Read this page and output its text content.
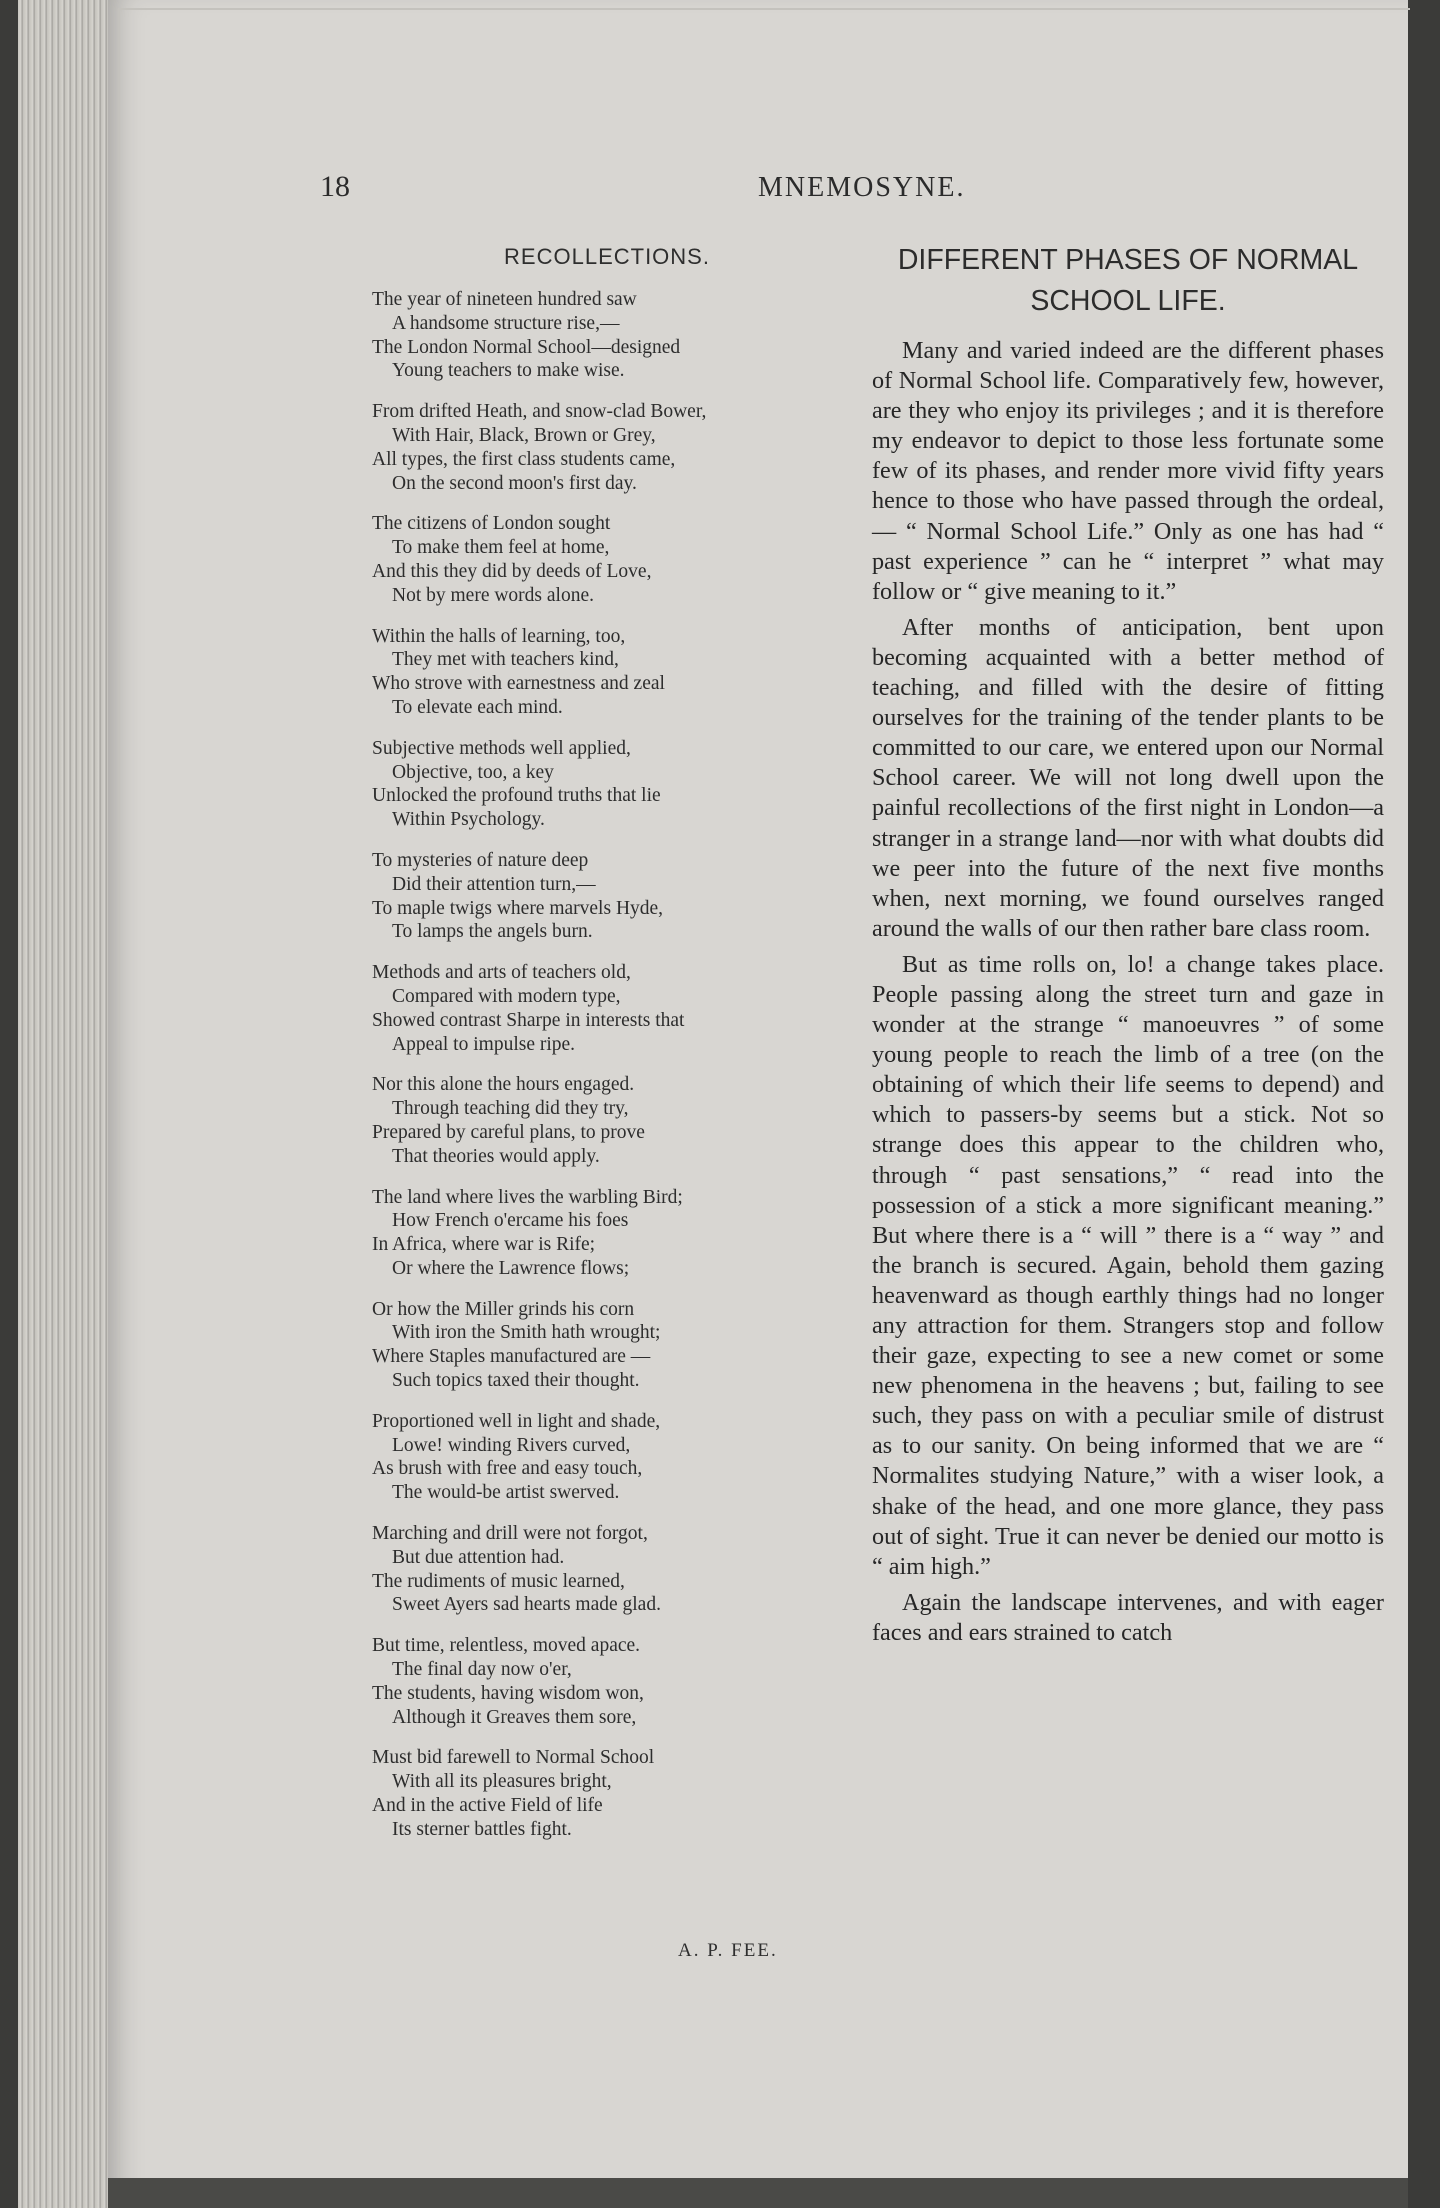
18	MNEMOSYNE.
RECOLLECTIONS.
The year of nineteen hundred saw
A handsome structure rise,—
The London Normal School—designed
Young teachers to make wise.
From drifted Heath, and snow-clad Bower,
With Hair, Black, Brown or Grey,
All types, the first class students came,
On the second moon's first day.
The citizens of London sought
To make them feel at home,
And this they did by deeds of Love,
Not by mere words alone.
Within the halls of learning, too,
They met with teachers kind,
Who strove with earnestness and zeal
To elevate each mind.
Subjective methods well applied,
Objective, too, a key
Unlocked the profound truths that lie
Within Psychology.
To mysteries of nature deep
Did their attention turn,—
To maple twigs where marvels Hyde,
To lamps the angels burn.
Methods and arts of teachers old,
Compared with modern type,
Showed contrast Sharpe in interests that
Appeal to impulse ripe.
Nor this alone the hours engaged.
Through teaching did they try,
Prepared by careful plans, to prove
That theories would apply.
The land where lives the warbling Bird;
How French o'ercame his foes
In Africa, where war is Rife;
Or where the Lawrence flows;
Or how the Miller grinds his corn
With iron the Smith hath wrought;
Where Staples manufactured are —
Such topics taxed their thought.
Proportioned well in light and shade,
Lowe! winding Rivers curved,
As brush with free and easy touch,
The would-be artist swerved.
Marching and drill were not forgot,
But due attention had.
The rudiments of music learned,
Sweet Ayers sad hearts made glad.
But time, relentless, moved apace.
The final day now o'er,
The students, having wisdom won,
Although it Greaves them sore,
Must bid farewell to Normal School
With all its pleasures bright,
And in the active Field of life
Its sterner battles fight.
A. P. FEE.
DIFFERENT PHASES OF NORMAL
SCHOOL LIFE.

Many and varied indeed are the different phases of Normal School life. Comparatively few, however, are they who enjoy its privileges ; and it is therefore my endeavor to depict to those less fortunate some few of its phases, and render more vivid fifty years hence to those who have passed through the ordeal, — “ Normal School Life.” Only as one has had “ past experience ” can he “ interpret ” what may follow or “ give meaning to it.”

After months of anticipation, bent upon becoming acquainted with a better method of teaching, and filled with the desire of fitting ourselves for the training of the tender plants to be committed to our care, we entered upon our Normal School career. We will not long dwell upon the painful recollections of the first night in London—a stranger in a strange land—nor with what doubts did we peer into the future of the next five months when, next morning, we found ourselves ranged around the walls of our then rather bare class room.

But as time rolls on, lo! a change takes place. People passing along the street turn and gaze in wonder at the strange “ manoeuvres ” of some young people to reach the limb of a tree (on the obtaining of which their life seems to depend) and which to passers-by seems but a stick. Not so strange does this appear to the children who, through “ past sensations,” “ read into the possession of a stick a more significant meaning.” But where there is a “ will ” there is a “ way ” and the branch is secured. Again, behold them gazing heavenward as though earthly things had no longer any attraction for them. Strangers stop and follow their gaze, expecting to see a new comet or some new phenomena in the heavens ; but, failing to see such, they pass on with a peculiar smile of distrust as to our sanity. On being informed that we are “ Normalites studying Nature,” with a wiser look, a shake of the head, and one more glance, they pass out of sight. True it can never be denied our motto is “ aim high.”

Again the landscape intervenes, and with eager faces and ears strained to catch
